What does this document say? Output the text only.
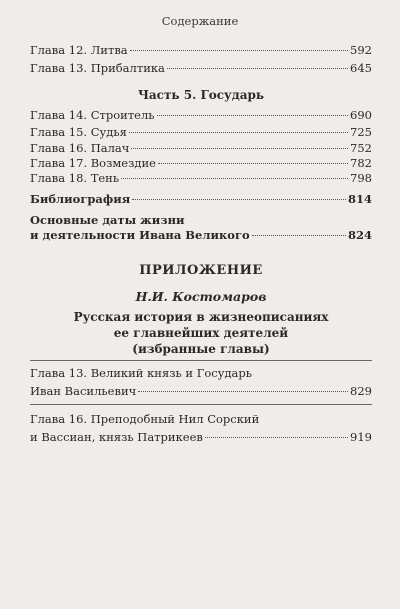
Содержание
Глава 12. Литва	592
Глава 13. Прибалтика	645
Часть 5. Государь
Глава 14. Строитель	690
Глава 15. Судья	725
Глава 16. Палач	752
Глава 17. Возмездие	782
Глава 18. Тень	798
Библиография	814
Основные даты жизни
и деятельности Ивана Великого	824
ПРИЛОЖЕНИЕ
Н.И. Костомаров
Русская история в жизнеописаниях
ее главнейших деятелей
(избранные главы)
Глава 13. Великий князь и Государь
Иван Васильевич	829
Глава 16. Преподобный Нил Сорский
и Вассиан, князь Патрикеев	919
